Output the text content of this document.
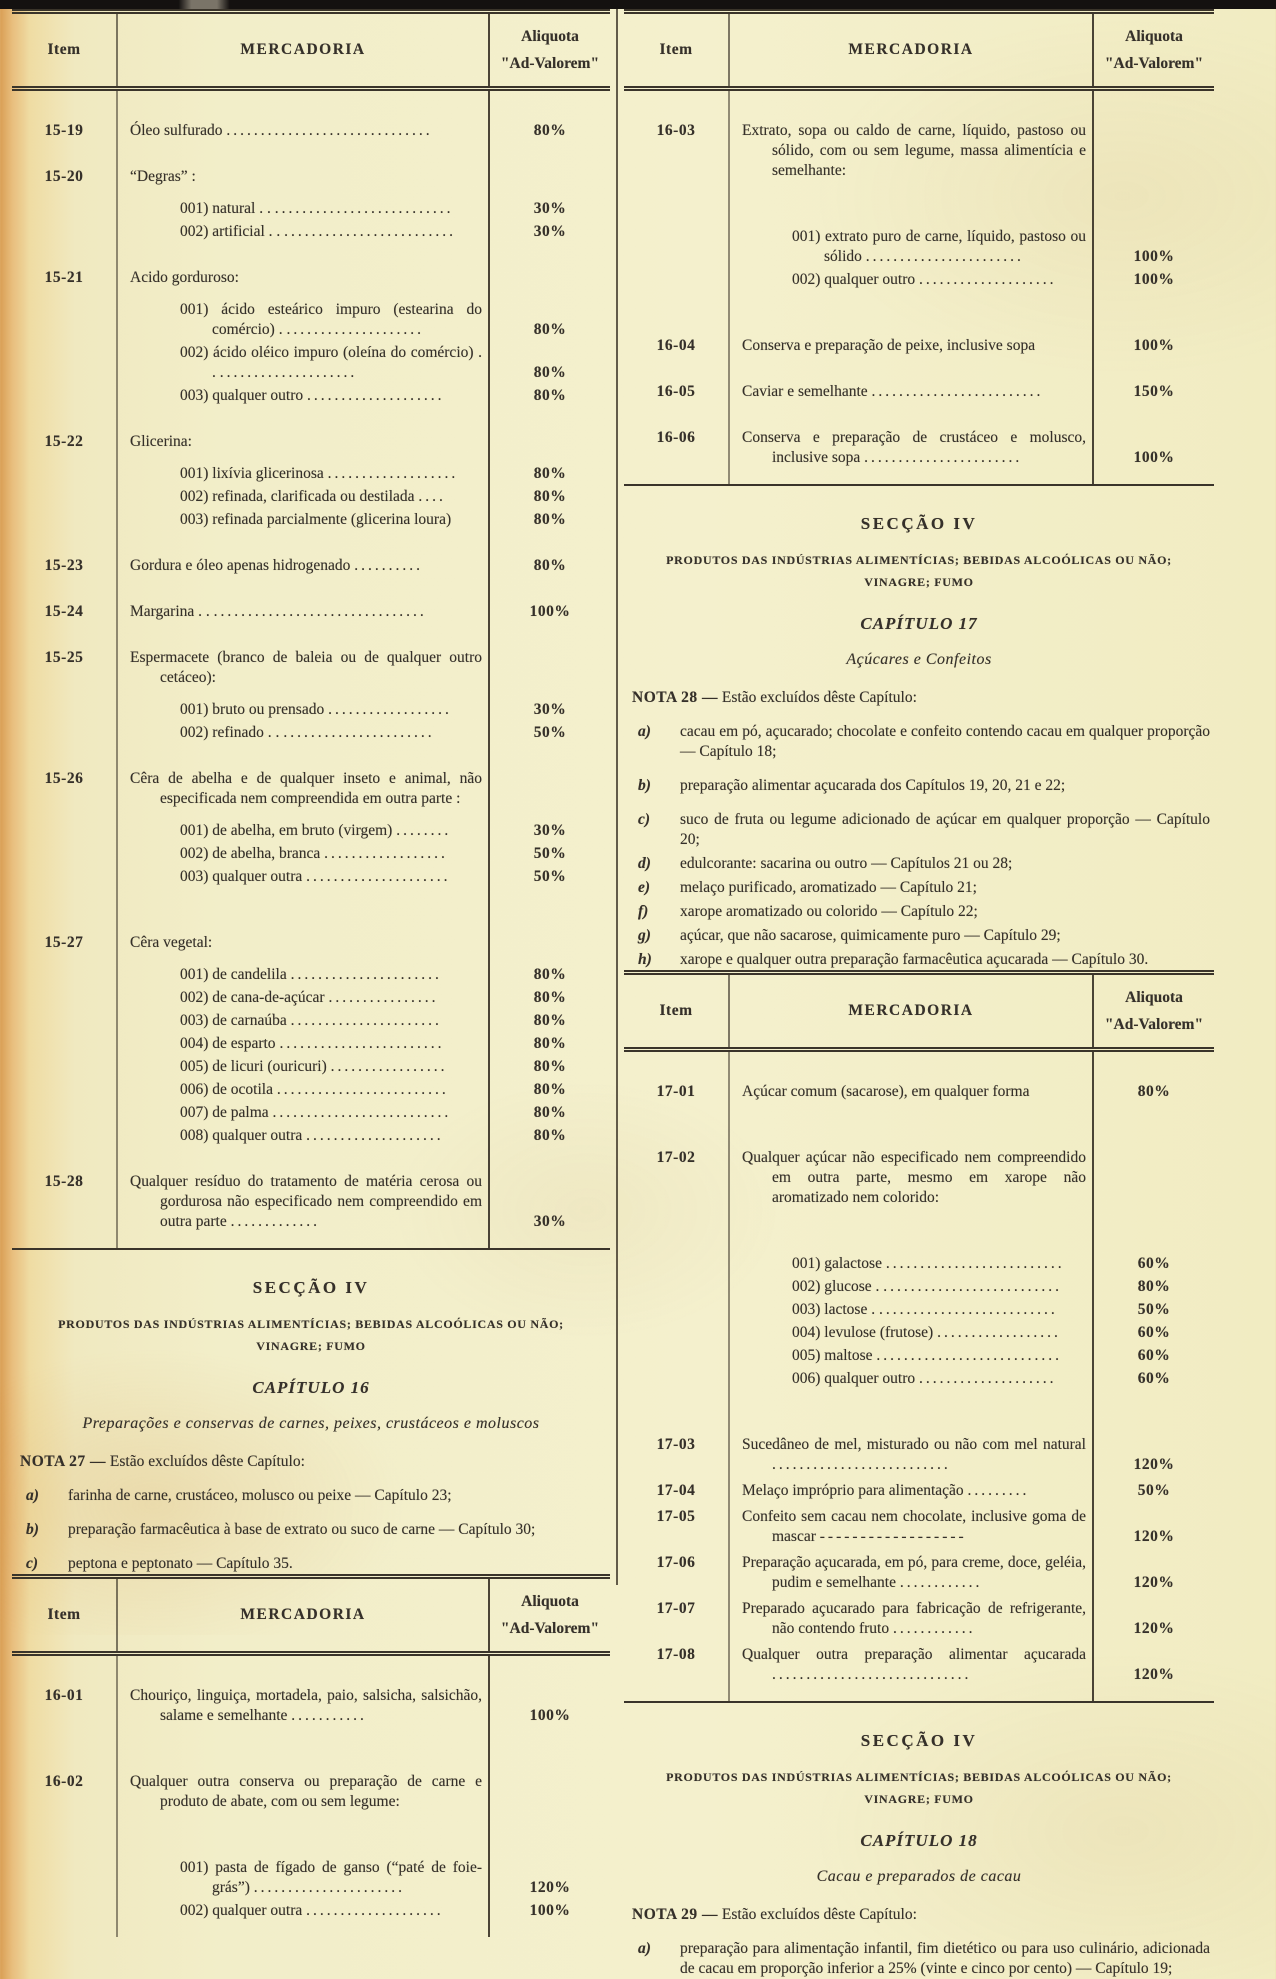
Item	MERCADORIA
Aliquota
"Ad-Valorem"
15-19	Óleo sulfurado ..............................	80%
15-20	“Degras” :
001) natural . . ..........................	30%
002) artificial . . .........................	30%
15-21	Acido gorduroso:
001) ácido esteárico impuro (estearina do comércio) . ....................	80%
002) ácido oléico impuro (oleína do comércio) . . ....................	80%
003) qualquer outro ....................	80%
15-22	Glicerina:
001) lixívia glicerinosa ...................	80%
002) refinada, clarificada ou destilada ....	80%
003) refinada parcialmente (glicerina loura)	80%
15-23	Gordura e óleo apenas hidrogenado ..........	80%
15-24	Margarina . . ...............................	100%
15-25	Espermacete (branco de baleia ou de qualquer outro cetáceo):
001) bruto ou prensado ..................	30%
002) refinado . . ......................	50%
15-26	Cêra de abelha e de qualquer inseto e animal, não especificada nem compreendida em outra parte :
001) de abelha, em bruto (virgem) ........	30%
002) de abelha, branca ..................	50%
003) qualquer outra .....................	50%
15-27	Cêra vegetal:
001) de candelila ......................	80%
002) de cana-de-açúcar ................	80%
003) de carnaúba ......................	80%
004) de esparto ........................	80%
005) de licuri (ouricuri) .................	80%
006) de ocotila .........................	80%
007) de palma ..........................	80%
008) qualquer outra ....................	80%
15-28	Qualquer resíduo do tratamento de matéria cerosa ou gordurosa não especificado nem compreendido em outra parte .............	30%
SECÇÃO IV
PRODUTOS DAS INDÚSTRIAS ALIMENTÍCIAS; BEBIDAS ALCOÓLICAS OU NÃO;
VINAGRE; FUMO
CAPÍTULO 16
Preparações e conservas de carnes, peixes, crustáceos e moluscos
NOTA 27 — Estão excluídos dêste Capítulo:
a)	farinha de carne, crustáceo, molusco ou peixe — Capítulo 23;
b)	preparação farmacêutica à base de extrato ou suco de carne — Capítulo 30;
c)	peptona e peptonato — Capítulo 35.
Item	MERCADORIA
Aliquota
"Ad-Valorem"
16-01	Chouriço, linguiça, mortadela, paio, salsicha, salsichão, salame e semelhante ...........	100%
16-02	Qualquer outra conserva ou preparação de carne e produto de abate, com ou sem legume:
001) pasta de fígado de ganso (“paté de foie-grás”) ......................	120%
002) qualquer outra ....................	100%
Item	MERCADORIA
Aliquota
"Ad-Valorem"
16-03	Extrato, sopa ou caldo de carne, líquido, pastoso ou sólido, com ou sem legume, massa alimentícia e semelhante:
001) extrato puro de carne, líquido, pastoso ou sólido .......................	100%
002) qualquer outro ....................	100%
16-04	Conserva e preparação de peixe, inclusive sopa	100%
16-05	Caviar e semelhante .........................	150%
16-06	Conserva e preparação de crustáceo e molusco, inclusive sopa .......................	100%
SECÇÃO IV
PRODUTOS DAS INDÚSTRIAS ALIMENTÍCIAS; BEBIDAS ALCOÓLICAS OU NÃO;
VINAGRE; FUMO
CAPÍTULO 17
Açúcares e Confeitos
NOTA 28 — Estão excluídos dêste Capítulo:
a)	cacau em pó, açucarado; chocolate e confeito contendo cacau em qualquer proporção — Capítulo 18;
b)	preparação alimentar açucarada dos Capítulos 19, 20, 21 e 22;
c)	suco de fruta ou legume adicionado de açúcar em qualquer proporção — Capítulo 20;
d)	edulcorante: sacarina ou outro — Capítulos 21 ou 28;
e)	melaço purificado, aromatizado — Capítulo 21;
f)	xarope aromatizado ou colorido — Capítulo 22;
g)	açúcar, que não sacarose, quimicamente puro — Capítulo 29;
h)	xarope e qualquer outra preparação farmacêutica açucarada — Capítulo 30.
Item	MERCADORIA
Aliquota
"Ad-Valorem"
17-01	Açúcar comum (sacarose), em qualquer forma	80%
17-02	Qualquer açúcar não especificado nem compreendido em outra parte, mesmo em xarope não aromatizado nem colorido:
001) galactose ..........................	60%
002) glucose . ..........................	80%
003) lactose . ..........................	50%
004) levulose (frutose) ..................	60%
005) maltose ...........................	60%
006) qualquer outro ....................	60%
17-03	Sucedâneo de mel, misturado ou não com mel natural ..........................	120%
17-04	Melaço impróprio para alimentação .........	50%
17-05	Confeito sem cacau nem chocolate, inclusive goma de mascar ------------------	120%
17-06	Preparação açucarada, em pó, para creme, doce, geléia, pudim e semelhante ............	120%
17-07	Preparado açucarado para fabricação de refrigerante, não contendo fruto ............	120%
17-08	Qualquer outra preparação alimentar açucarada .............................	120%
SECÇÃO IV
PRODUTOS DAS INDÚSTRIAS ALIMENTÍCIAS; BEBIDAS ALCOÓLICAS OU NÃO;
VINAGRE; FUMO
CAPÍTULO 18
Cacau e preparados de cacau
NOTA 29 — Estão excluídos dêste Capítulo:
a)	preparação para alimentação infantil, fim dietético ou para uso culinário, adicionada de cacau em proporção inferior a 25% (vinte e cinco por cento) — Capítulo 19;
